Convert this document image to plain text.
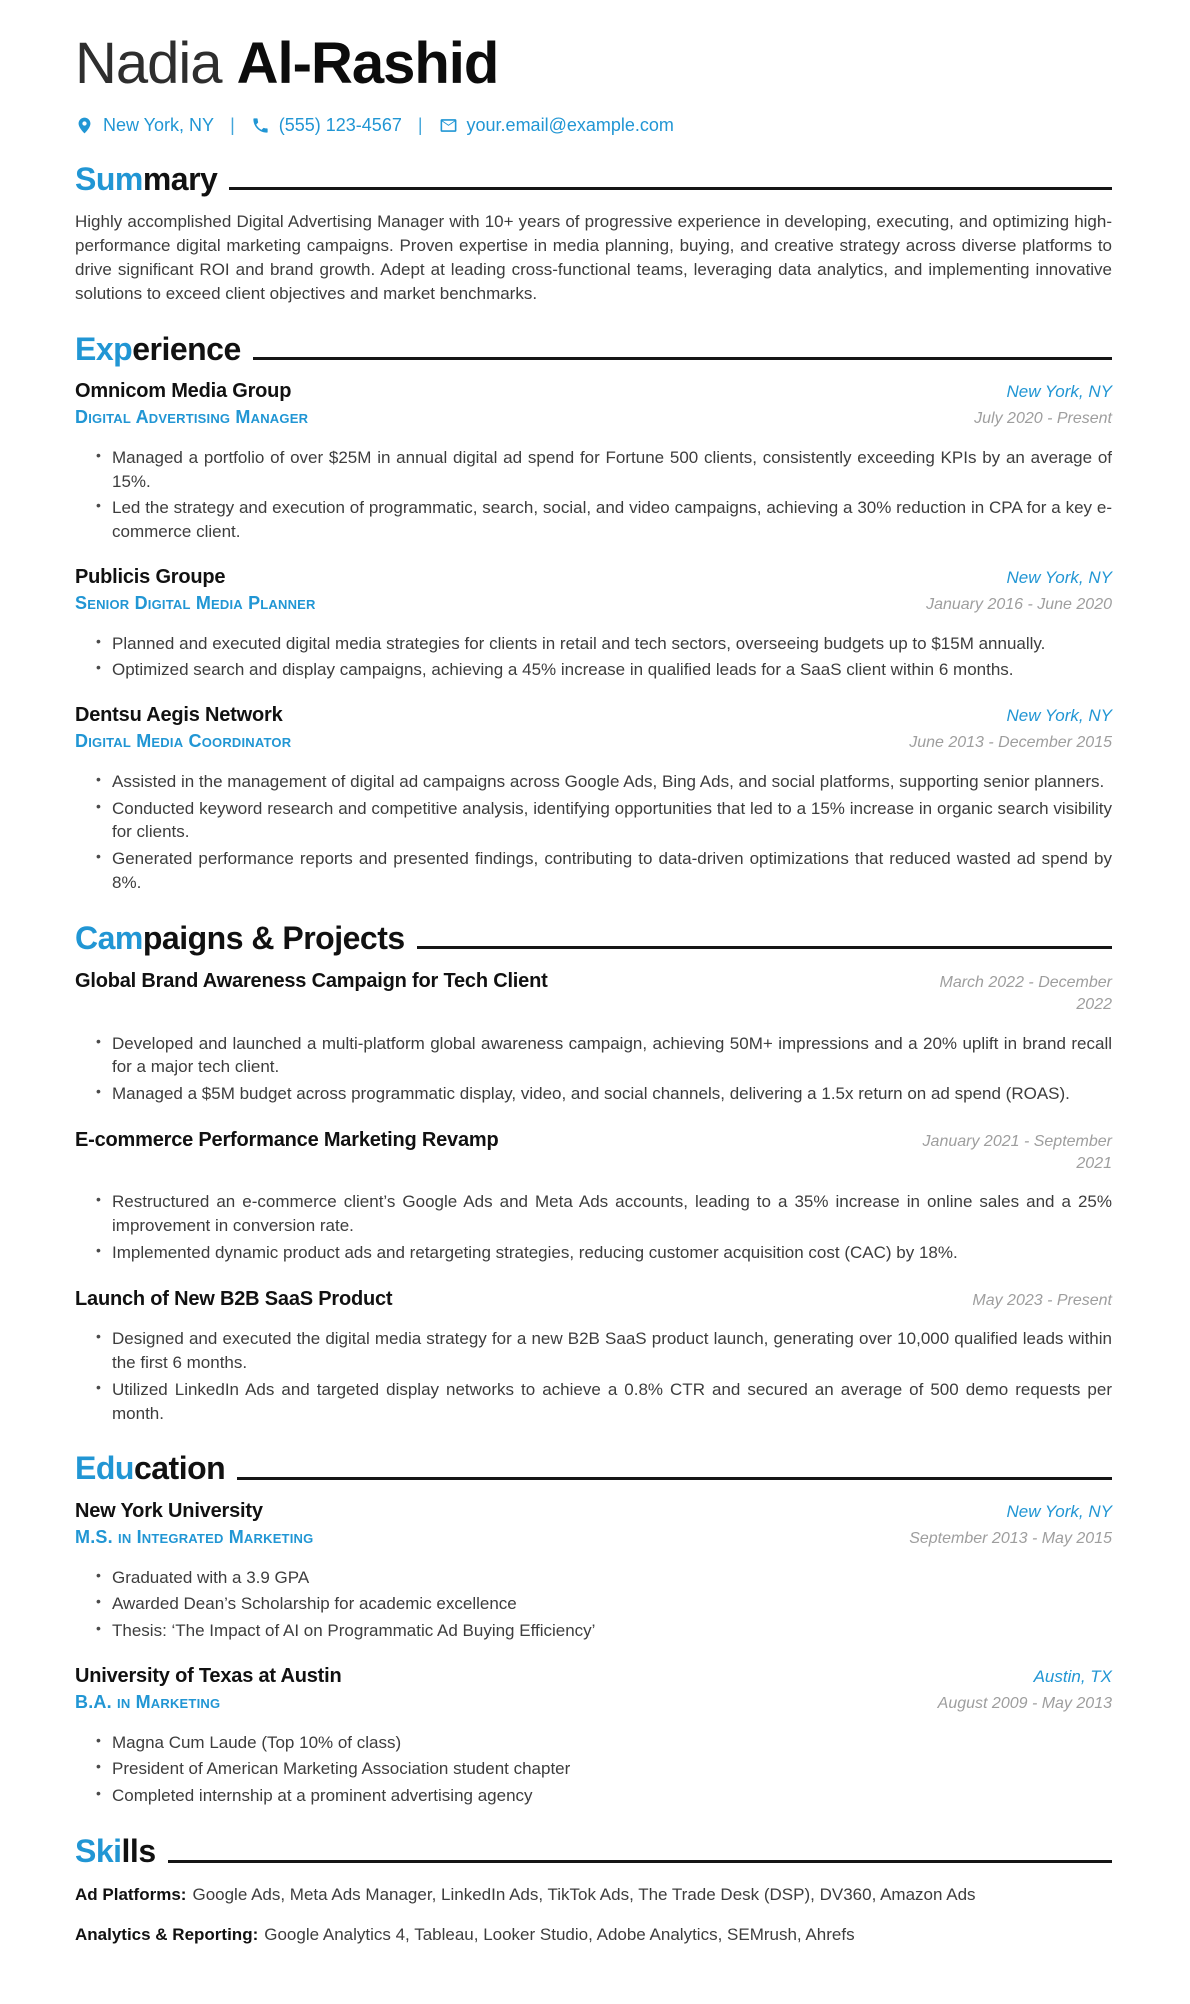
Nadia Al-Rashid
New York, NY | (555) 123-4567 | your.email@example.com
Summary

Highly accomplished Digital Advertising Manager with 10+ years of progressive experience in developing, executing, and optimizing high-performance digital marketing campaigns. Proven expertise in media planning, buying, and creative strategy across diverse platforms to drive significant ROI and brand growth. Adept at leading cross-functional teams, leveraging data analytics, and implementing innovative solutions to exceed client objectives and market benchmarks.

Experience
Omnicom Media Group	New York, NY
Digital Advertising Manager	July 2020 - Present
• Managed a portfolio of over $25M in annual digital ad spend for Fortune 500 clients, consistently exceeding KPIs by an average of 15%.
• Led the strategy and execution of programmatic, search, social, and video campaigns, achieving a 30% reduction in CPA for a key e-commerce client.
Publicis Groupe	New York, NY
Senior Digital Media Planner	January 2016 - June 2020
• Planned and executed digital media strategies for clients in retail and tech sectors, overseeing budgets up to $15M annually.
• Optimized search and display campaigns, achieving a 45% increase in qualified leads for a SaaS client within 6 months.
Dentsu Aegis Network	New York, NY
Digital Media Coordinator	June 2013 - December 2015
• Assisted in the management of digital ad campaigns across Google Ads, Bing Ads, and social platforms, supporting senior planners.
• Conducted keyword research and competitive analysis, identifying opportunities that led to a 15% increase in organic search visibility for clients.
• Generated performance reports and presented findings, contributing to data-driven optimizations that reduced wasted ad spend by 8%.
Campaigns & Projects
Global Brand Awareness Campaign for Tech Client	March 2022 - December 2022
• Developed and launched a multi-platform global awareness campaign, achieving 50M+ impressions and a 20% uplift in brand recall for a major tech client.
• Managed a $5M budget across programmatic display, video, and social channels, delivering a 1.5x return on ad spend (ROAS).
E-commerce Performance Marketing Revamp	January 2021 - September 2021
• Restructured an e-commerce client’s Google Ads and Meta Ads accounts, leading to a 35% increase in online sales and a 25% improvement in conversion rate.
• Implemented dynamic product ads and retargeting strategies, reducing customer acquisition cost (CAC) by 18%.
Launch of New B2B SaaS Product	May 2023 - Present
• Designed and executed the digital media strategy for a new B2B SaaS product launch, generating over 10,000 qualified leads within the first 6 months.
• Utilized LinkedIn Ads and targeted display networks to achieve a 0.8% CTR and secured an average of 500 demo requests per month.
Education
New York University	New York, NY
M.S. in Integrated Marketing	September 2013 - May 2015
• Graduated with a 3.9 GPA
• Awarded Dean’s Scholarship for academic excellence
• Thesis: ‘The Impact of AI on Programmatic Ad Buying Efficiency’
University of Texas at Austin	Austin, TX
B.A. in Marketing	August 2009 - May 2013
• Magna Cum Laude (Top 10% of class)
• President of American Marketing Association student chapter
• Completed internship at a prominent advertising agency
Skills

Ad Platforms: Google Ads, Meta Ads Manager, LinkedIn Ads, TikTok Ads, The Trade Desk (DSP), DV360, Amazon Ads

Analytics & Reporting: Google Analytics 4, Tableau, Looker Studio, Adobe Analytics, SEMrush, Ahrefs
